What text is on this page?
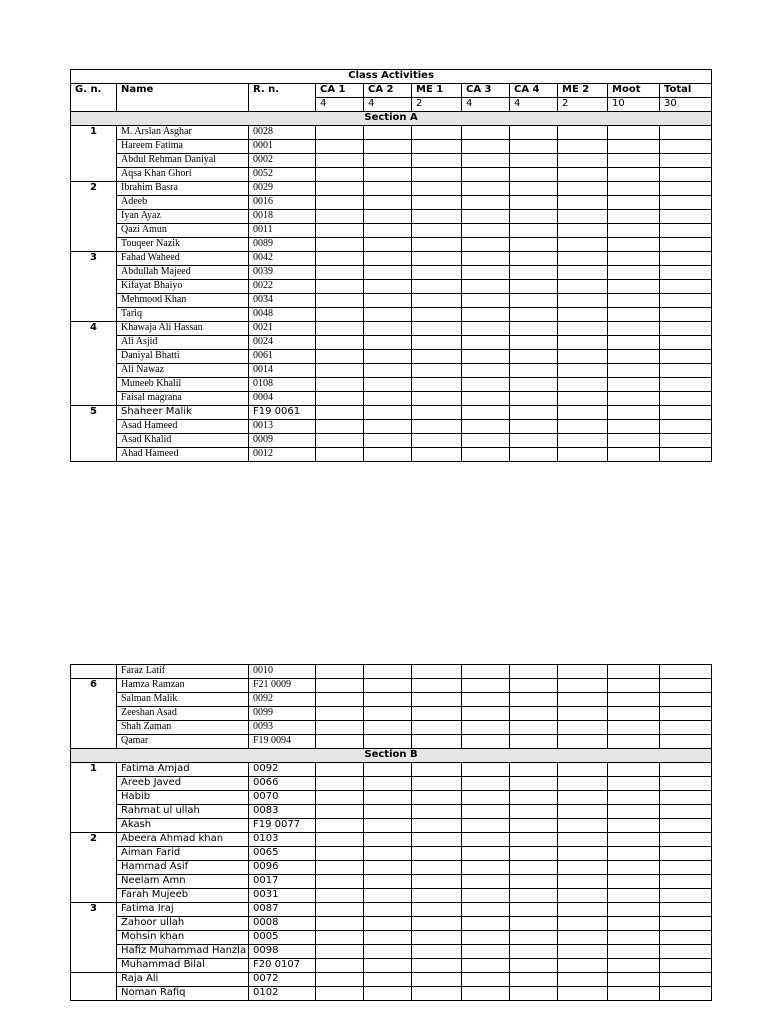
Class Activities										
G. n.	Name	R. n.	CA 1	CA 2	ME 1	CA 3	CA 4	ME 2	Moot	Total
			4	4	2	4	4	2	10	30
Section A										
1	M. Arslan Asghar	0028								
	Hareem Fatima	0001								
	Abdul Rehman Daniyal	0002								
	Aqsa Khan Ghori	0052								
2	Ibrahim Basra	0029								
	Adeeb	0016								
	Iyan Ayaz	0018								
	Qazi Amun	0011								
	Touqeer Nazik	0089								
3	Fahad Waheed	0042								
	Abdullah Majeed	0039								
	Kifayat Bhaiyo	0022								
	Mehmood Khan	0034								
	Tariq	0048								
4	Khawaja Ali Hassan	0021								
	Ali Asjid	0024								
	Daniyal Bhatti	0061								
	Ali Nawaz	0014								
	Muneeb Khalil	0108								
	Faisal magrana	0004								
5	Shaheer Malik	F19 0061								
	Asad Hameed	0013								
	Asad Khalid	0009								
	Ahad Hameed	0012								
	Faraz Latif	0010								
6	Hamza Ramzan	F21 0009								
	Salman Malik	0092								
	Zeeshan Asad	0099								
	Shah Zaman	0093								
	Qamar	F19 0094								
Section B										
1	Fatima Amjad	0092								
	Areeb Javed	0066								
	Habib	0070								
	Rahmat ul ullah	0083								
	Akash	F19 0077								
2	Abeera Ahmad khan	0103								
	Aiman Farid	0065								
	Hammad Asif	0096								
	Neelam Amn	0017								
	Farah Mujeeb	0031								
3	Fatima Iraj	0087								
	Zahoor ullah	0008								
	Mohsin khan	0005								
	Hafiz Muhammad Hanzla	0098								
	Muhammad Bilal	F20 0107								
	Raja Ali	0072								
	Noman Rafiq	0102								
